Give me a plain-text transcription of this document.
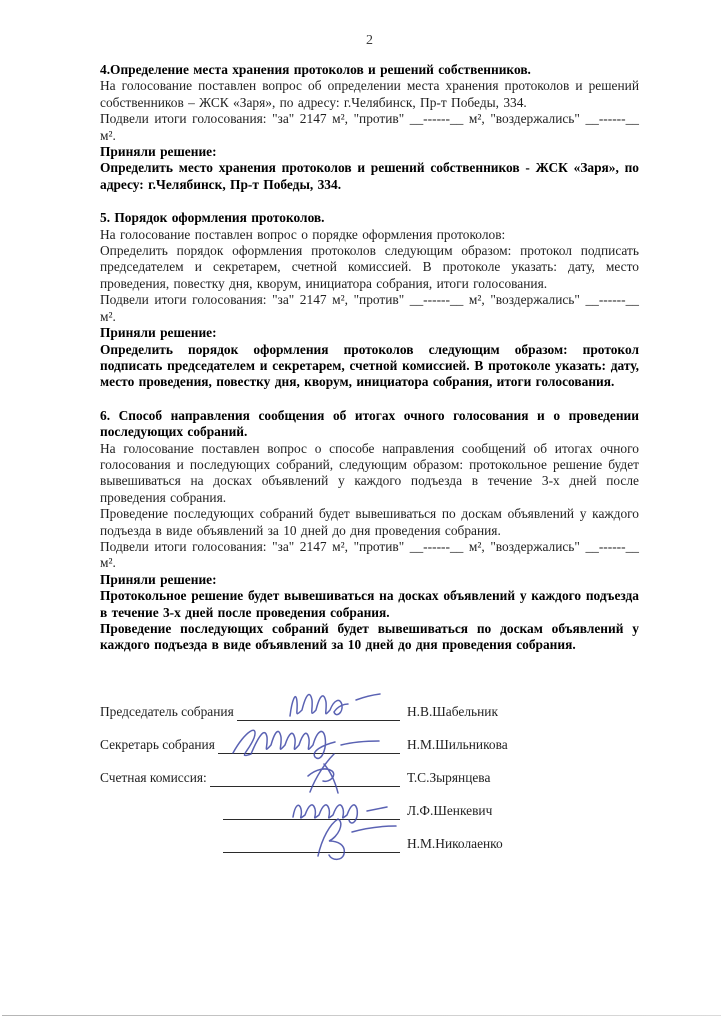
2
4.Определение места хранения протоколов и решений собственников.
На голосование поставлен вопрос об определении места хранения протоколов и решений собственников – ЖСК «Заря», по адресу: г.Челябинск, Пр-т Победы, 334.
Подвели итоги голосования: "за" 2147 м², "против" __------__ м², "воздержались" __------__ м².
Приняли решение:
Определить место хранения протоколов и решений собственников - ЖСК «Заря», по адресу: г.Челябинск, Пр-т Победы, 334.
5. Порядок оформления протоколов.
На голосование поставлен вопрос о порядке оформления протоколов:
Определить порядок оформления протоколов следующим образом: протокол подписать председателем и секретарем, счетной комиссией. В протоколе указать: дату, место проведения, повестку дня, кворум, инициатора собрания, итоги голосования.
Подвели итоги голосования: "за" 2147 м², "против" __------__ м², "воздержались" __------__ м².
Приняли решение:
Определить порядок оформления протоколов следующим образом: протокол подписать председателем и секретарем, счетной комиссией. В протоколе указать: дату, место проведения, повестку дня, кворум, инициатора собрания, итоги голосования.
6. Способ направления сообщения об итогах очного голосования и о проведении последующих собраний.
На голосование поставлен вопрос о способе направления сообщений об итогах очного голосования и последующих собраний, следующим образом: протокольное решение будет вывешиваться на досках объявлений у каждого подъезда в течение 3-х дней после проведения собрания.
Проведение последующих собраний будет вывешиваться по доскам объявлений у каждого подъезда в виде объявлений за 10 дней до дня проведения собрания.
Подвели итоги голосования: "за" 2147 м², "против" __------__ м², "воздержались" __------__ м².
Приняли решение:
Протокольное решение будет вывешиваться на досках объявлений у каждого подъезда в течение 3-х дней после проведения собрания.
Проведение последующих собраний будет вывешиваться по доскам объявлений у каждого подъезда в виде объявлений за 10 дней до дня проведения собрания.
Председатель собрания	Н.В.Шабельник
Секретарь собрания	Н.М.Шильникова
Счетная комиссия:	Т.С.Зырянцева
Л.Ф.Шенкевич
Н.М.Николаенко
